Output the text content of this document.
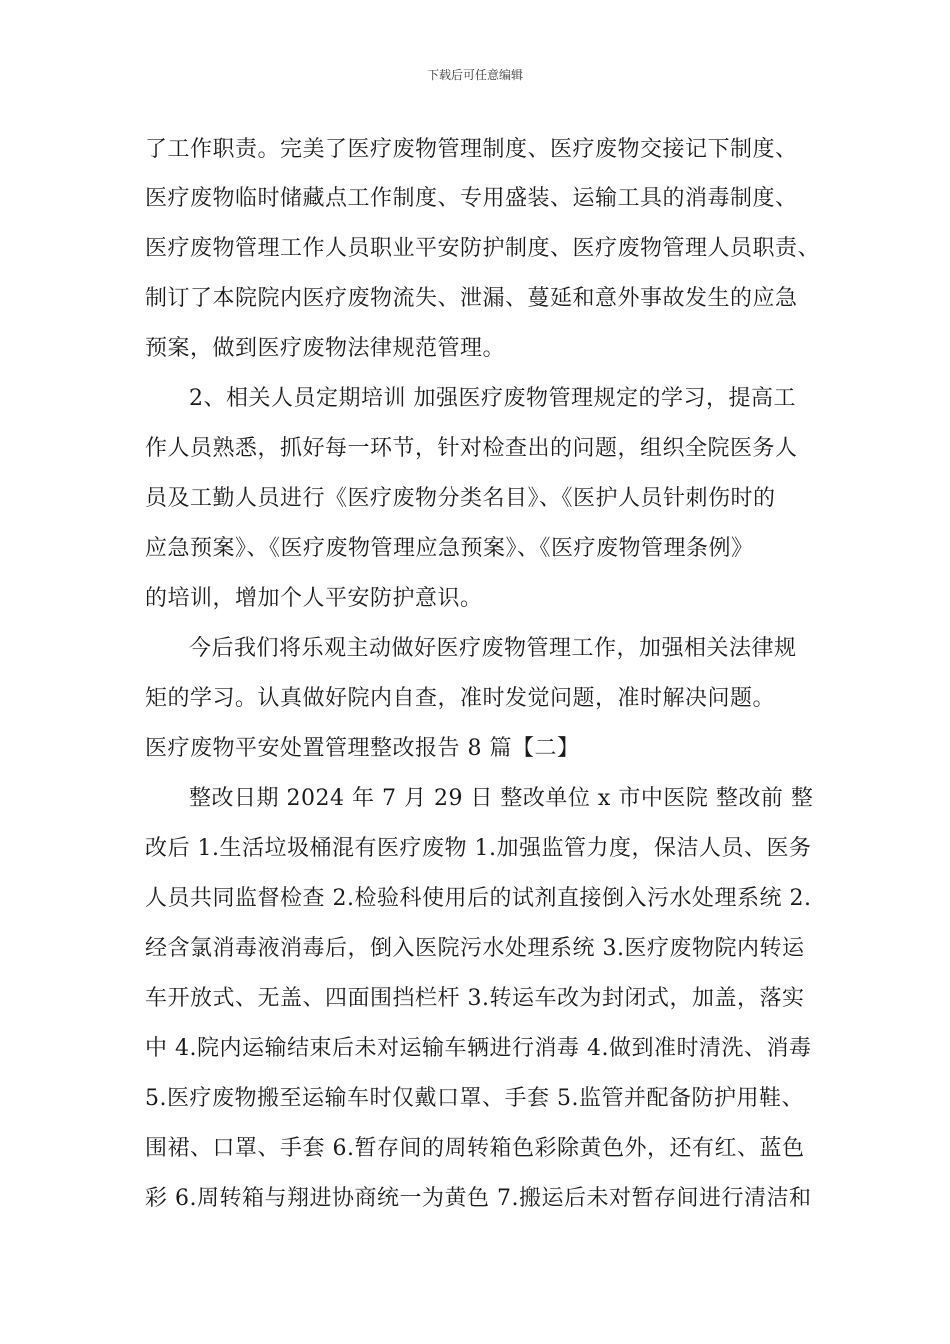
下载后可任意编辑
了工作职责。完美了医疗废物管理制度、医疗废物交接记下制度、
医疗废物临时储藏点工作制度、专用盛装、运输工具的消毒制度、
医疗废物管理工作人员职业平安防护制度、医疗废物管理人员职责、
制订了本院院内医疗废物流失、泄漏、蔓延和意外事故发生的应急
预案，做到医疗废物法律规范管理。
2、相关人员定期培训 加强医疗废物管理规定的学习，提高工
作人员熟悉，抓好每一环节，针对检查出的问题，组织全院医务人
员及工勤人员进行《医疗废物分类名目》、《医护人员针刺伤时的
应急预案》、《医疗废物管理应急预案》、《医疗废物管理条例》
的培训，增加个人平安防护意识。
今后我们将乐观主动做好医疗废物管理工作，加强相关法律规
矩的学习。认真做好院内自查，准时发觉问题，准时解决问题。
医疗废物平安处置管理整改报告 8 篇【二】
整改日期 2024 年 7 月 29 日 整改单位 x 市中医院 整改前 整
改后 1.生活垃圾桶混有医疗废物 1.加强监管力度，保洁人员、医务
人员共同监督检查 2.检验科使用后的试剂直接倒入污水处理系统 2.
经含氯消毒液消毒后，倒入医院污水处理系统 3.医疗废物院内转运
车开放式、无盖、四面围挡栏杆 3.转运车改为封闭式，加盖，落实
中 4.院内运输结束后未对运输车辆进行消毒 4.做到准时清洗、消毒
5.医疗废物搬至运输车时仅戴口罩、手套 5.监管并配备防护用鞋、
围裙、口罩、手套 6.暂存间的周转箱色彩除黄色外，还有红、蓝色
彩 6.周转箱与翔进协商统一为黄色 7.搬运后未对暂存间进行清洁和
